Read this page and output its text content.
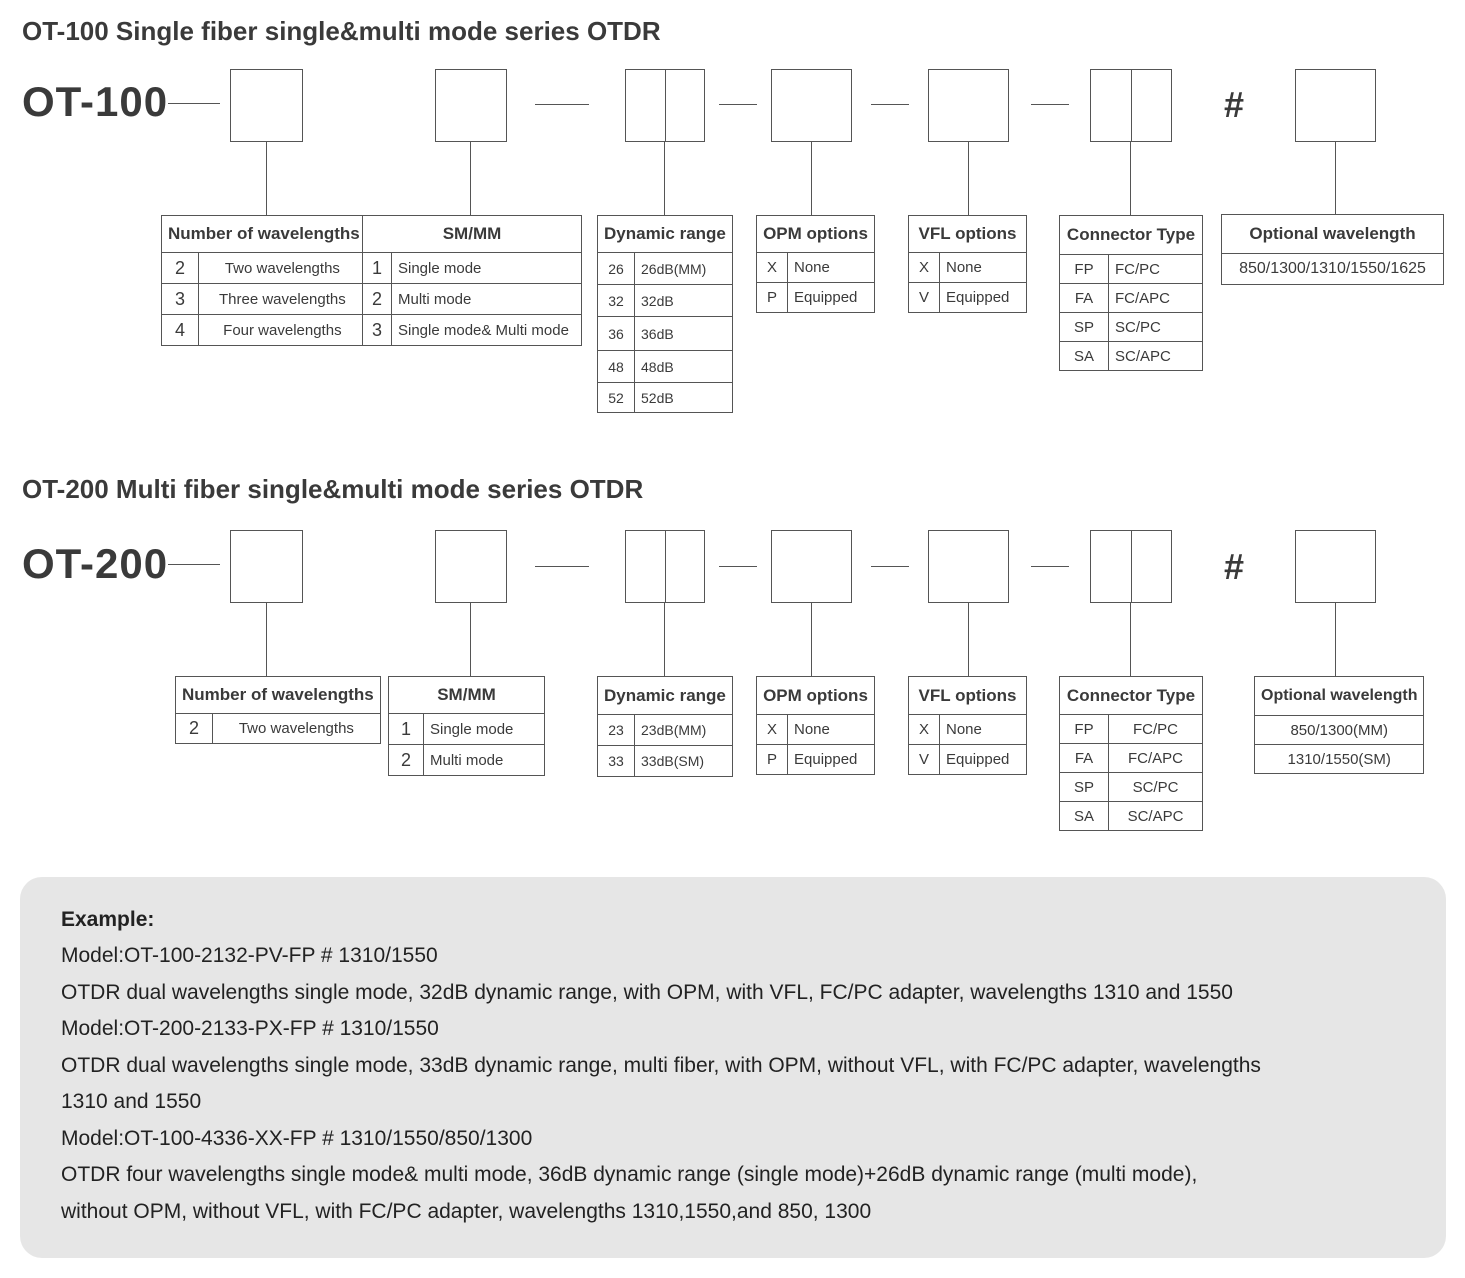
OT-100 Single fiber single&multi mode series OTDR
OT-100	#
Number of wavelengths	
2	Two wavelengths
3	Three wavelengths
4	Four wavelengths
SM/MM	
1	Single mode
2	Multi mode
3	Single mode& Multi mode
Dynamic range	
26	26dB(MM)
32	32dB
36	36dB
48	48dB
52	52dB
OPM options	
X	None
P	Equipped
VFL options	
X	None
V	Equipped
Connector Type	
FP	FC/PC
FA	FC/APC
SP	SC/PC
SA	SC/APC
Optional wavelength
850/1300/1310/1550/1625
OT-200 Multi fiber single&multi mode series OTDR
OT-200	#
Number of wavelengths
2	Two wavelengths
SM/MM	
1	Single mode
2	Multi mode
Dynamic range	
23	23dB(MM)
33	33dB(SM)
OPM options	
X	None
P	Equipped
VFL options	
X	None
V	Equipped
Connector Type	
FP	FC/PC
FA	FC/APC
SP	SC/PC
SA	SC/APC
Optional wavelength
850/1300(MM)
1310/1550(SM)
Example:
Model:OT-100-2132-PV-FP # 1310/1550
OTDR dual wavelengths single mode, 32dB dynamic range, with OPM, with VFL, FC/PC adapter, wavelengths 1310 and 1550
Model:OT-200-2133-PX-FP # 1310/1550
OTDR dual wavelengths single mode, 33dB dynamic range, multi fiber, with OPM, without VFL, with FC/PC adapter, wavelengths
1310 and 1550
Model:OT-100-4336-XX-FP # 1310/1550/850/1300
OTDR four wavelengths single mode& multi mode, 36dB dynamic range (single mode)+26dB dynamic range (multi mode),
without OPM, without VFL, with FC/PC adapter, wavelengths 1310,1550,and 850, 1300
